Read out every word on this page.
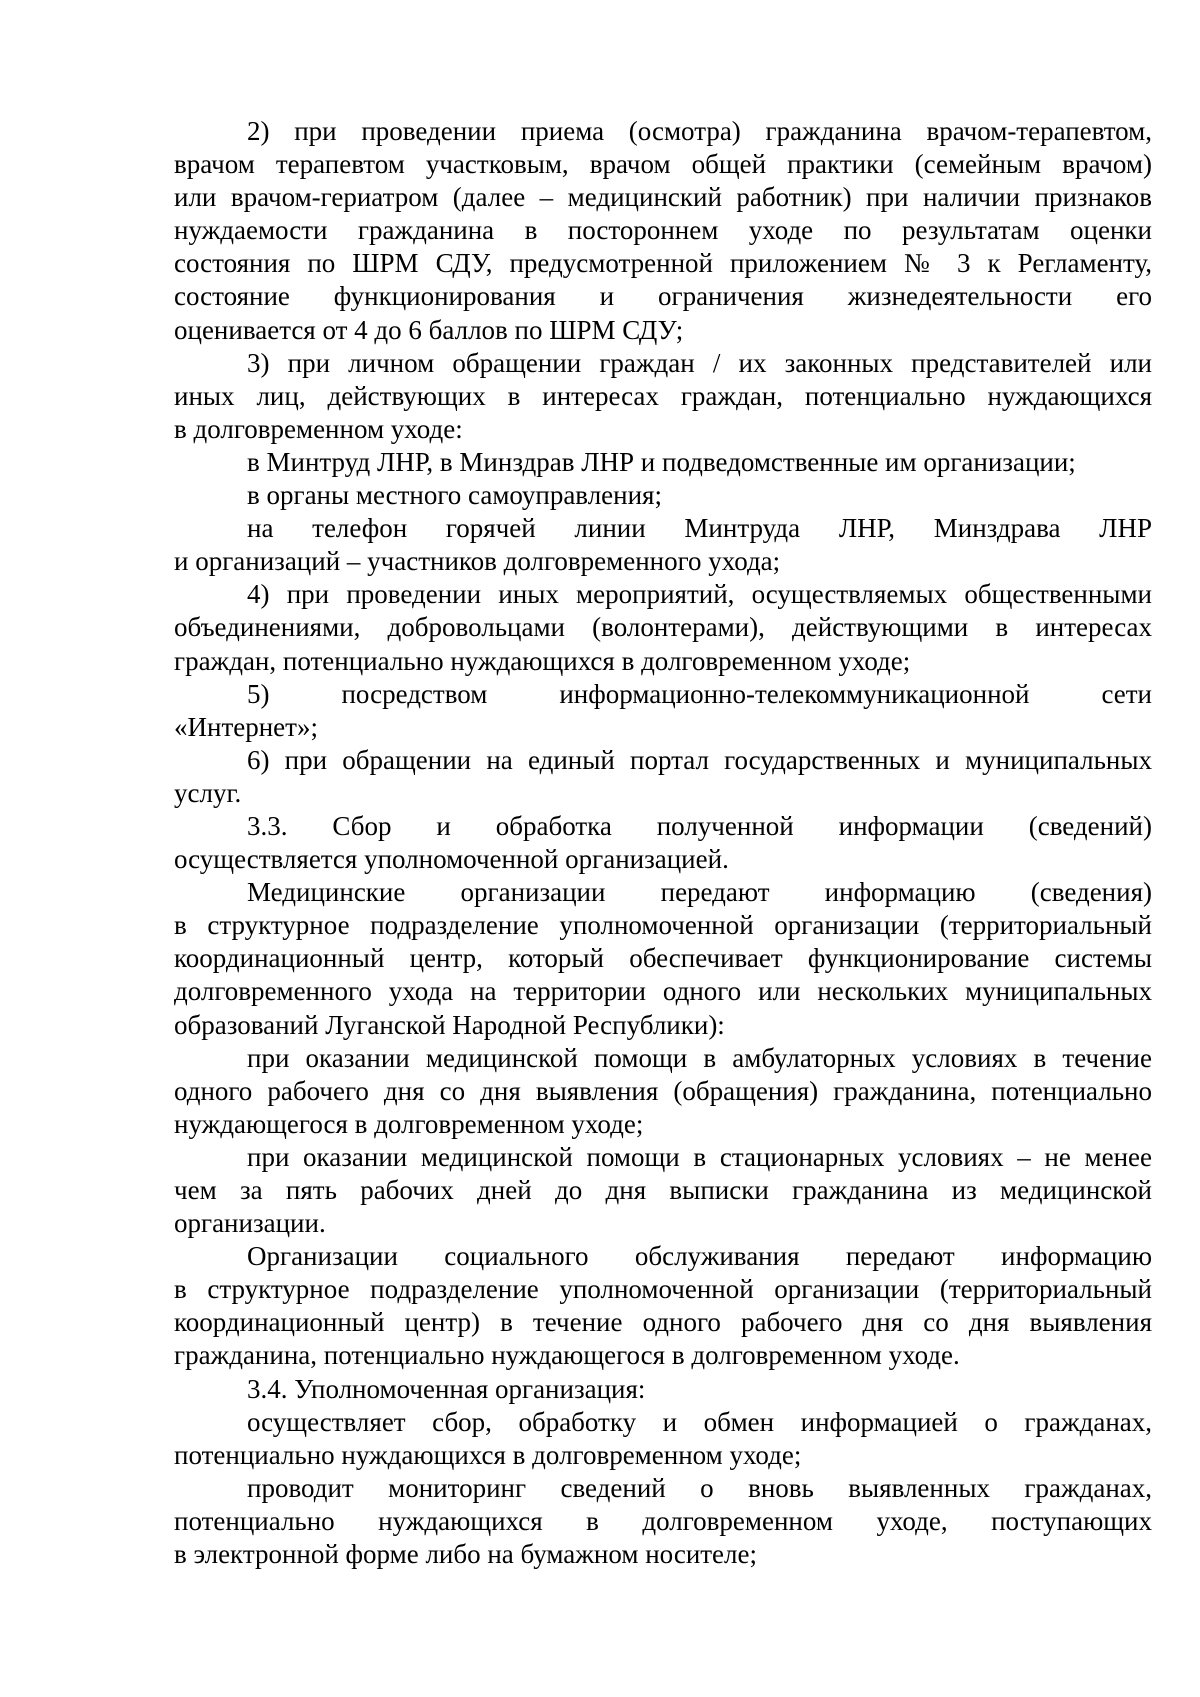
2) при проведении приема (осмотра) гражданина врачом-терапевтом,
врачом терапевтом участковым, врачом общей практики (семейным врачом)
или врачом-гериатром (далее – медицинский работник) при наличии признаков
нуждаемости гражданина в постороннем уходе по результатам оценки
состояния по ШРМ СДУ, предусмотренной приложением № 3 к Регламенту,
состояние функционирования и ограничения жизнедеятельности его
оценивается от 4 до 6 баллов по ШРМ СДУ;
3) при личном обращении граждан / их законных представителей или
иных лиц, действующих в интересах граждан, потенциально нуждающихся
в долговременном уходе:
в Минтруд ЛНР, в Минздрав ЛНР и подведомственные им организации;
в органы местного самоуправления;
на телефон горячей линии Минтруда ЛНР, Минздрава ЛНР
и организаций – участников долговременного ухода;
4) при проведении иных мероприятий, осуществляемых общественными
объединениями, добровольцами (волонтерами), действующими в интересах
граждан, потенциально нуждающихся в долговременном уходе;
5) посредством информационно-телекоммуникационной сети
«Интернет»;
6) при обращении на единый портал государственных и муниципальных
услуг.
3.3. Сбор и обработка полученной информации (сведений)
осуществляется уполномоченной организацией.
Медицинские организации передают информацию (сведения)
в структурное подразделение уполномоченной организации (территориальный
координационный центр, который обеспечивает функционирование системы
долговременного ухода на территории одного или нескольких муниципальных
образований Луганской Народной Республики):
при оказании медицинской помощи в амбулаторных условиях в течение
одного рабочего дня со дня выявления (обращения) гражданина, потенциально
нуждающегося в долговременном уходе;
при оказании медицинской помощи в стационарных условиях – не менее
чем за пять рабочих дней до дня выписки гражданина из медицинской
организации.
Организации социального обслуживания передают информацию
в структурное подразделение уполномоченной организации (территориальный
координационный центр) в течение одного рабочего дня со дня выявления
гражданина, потенциально нуждающегося в долговременном уходе.
3.4. Уполномоченная организация:
осуществляет сбор, обработку и обмен информацией о гражданах,
потенциально нуждающихся в долговременном уходе;
проводит мониторинг сведений о вновь выявленных гражданах,
потенциально нуждающихся в долговременном уходе, поступающих
в электронной форме либо на бумажном носителе;
